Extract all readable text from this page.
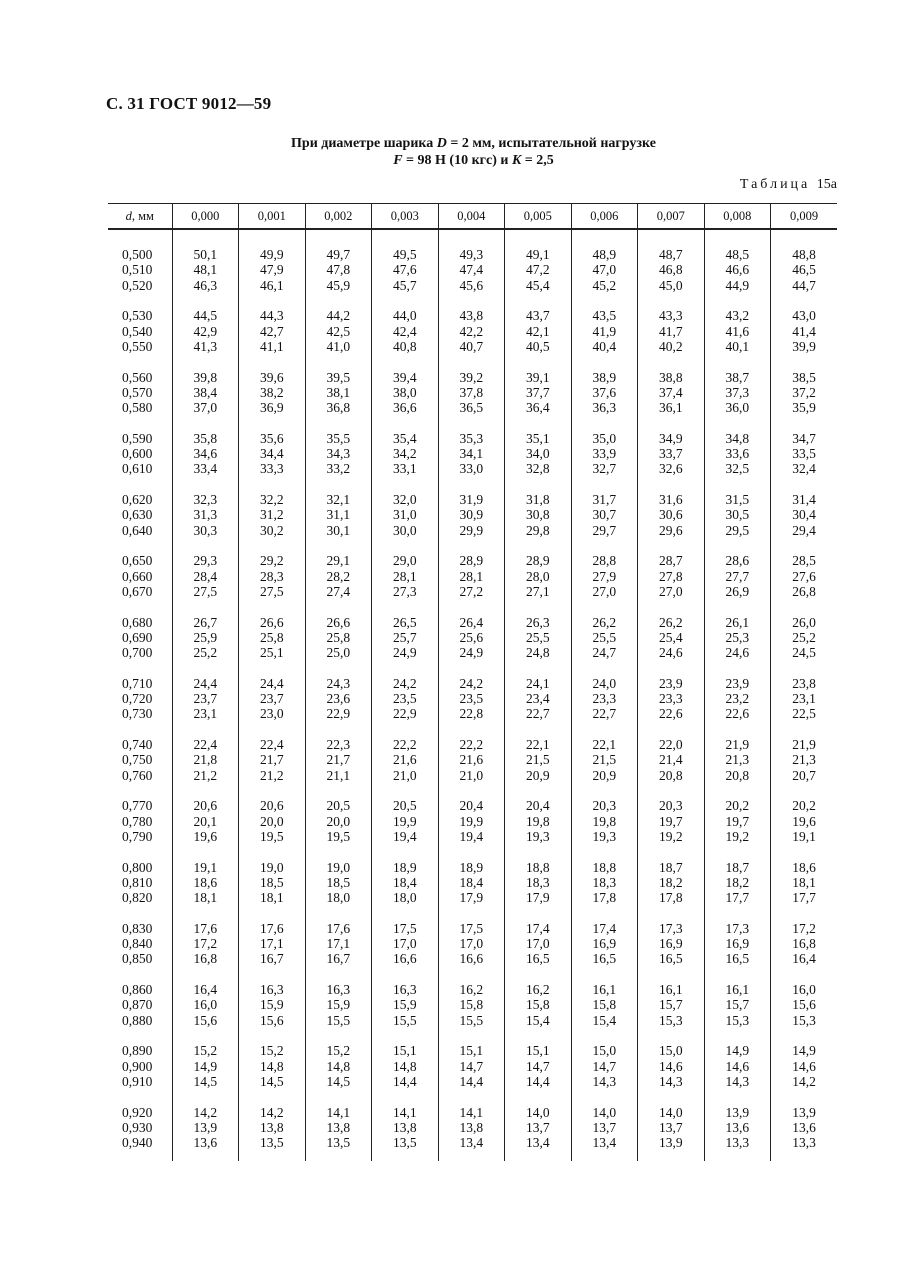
С. 31 ГОСТ 9012—59
При диаметре шарика D = 2 мм, испытательной нагрузке
F = 98 Н (10 кгс) и K = 2,5
Таблица 15а
d, мм	0,000	0,001	0,002	0,003	0,004	0,005	0,006	0,007	0,008	0,009

0,500	50,1	49,9	49,7	49,5	49,3	49,1	48,9	48,7	48,5	48,8
0,510	48,1	47,9	47,8	47,6	47,4	47,2	47,0	46,8	46,6	46,5
0,520	46,3	46,1	45,9	45,7	45,6	45,4	45,2	45,0	44,9	44,7

0,530	44,5	44,3	44,2	44,0	43,8	43,7	43,5	43,3	43,2	43,0
0,540	42,9	42,7	42,5	42,4	42,2	42,1	41,9	41,7	41,6	41,4
0,550	41,3	41,1	41,0	40,8	40,7	40,5	40,4	40,2	40,1	39,9

0,560	39,8	39,6	39,5	39,4	39,2	39,1	38,9	38,8	38,7	38,5
0,570	38,4	38,2	38,1	38,0	37,8	37,7	37,6	37,4	37,3	37,2
0,580	37,0	36,9	36,8	36,6	36,5	36,4	36,3	36,1	36,0	35,9

0,590	35,8	35,6	35,5	35,4	35,3	35,1	35,0	34,9	34,8	34,7
0,600	34,6	34,4	34,3	34,2	34,1	34,0	33,9	33,7	33,6	33,5
0,610	33,4	33,3	33,2	33,1	33,0	32,8	32,7	32,6	32,5	32,4

0,620	32,3	32,2	32,1	32,0	31,9	31,8	31,7	31,6	31,5	31,4
0,630	31,3	31,2	31,1	31,0	30,9	30,8	30,7	30,6	30,5	30,4
0,640	30,3	30,2	30,1	30,0	29,9	29,8	29,7	29,6	29,5	29,4

0,650	29,3	29,2	29,1	29,0	28,9	28,9	28,8	28,7	28,6	28,5
0,660	28,4	28,3	28,2	28,1	28,1	28,0	27,9	27,8	27,7	27,6
0,670	27,5	27,5	27,4	27,3	27,2	27,1	27,0	27,0	26,9	26,8

0,680	26,7	26,6	26,6	26,5	26,4	26,3	26,2	26,2	26,1	26,0
0,690	25,9	25,8	25,8	25,7	25,6	25,5	25,5	25,4	25,3	25,2
0,700	25,2	25,1	25,0	24,9	24,9	24,8	24,7	24,6	24,6	24,5

0,710	24,4	24,4	24,3	24,2	24,2	24,1	24,0	23,9	23,9	23,8
0,720	23,7	23,7	23,6	23,5	23,5	23,4	23,3	23,3	23,2	23,1
0,730	23,1	23,0	22,9	22,9	22,8	22,7	22,7	22,6	22,6	22,5

0,740	22,4	22,4	22,3	22,2	22,2	22,1	22,1	22,0	21,9	21,9
0,750	21,8	21,7	21,7	21,6	21,6	21,5	21,5	21,4	21,3	21,3
0,760	21,2	21,2	21,1	21,0	21,0	20,9	20,9	20,8	20,8	20,7

0,770	20,6	20,6	20,5	20,5	20,4	20,4	20,3	20,3	20,2	20,2
0,780	20,1	20,0	20,0	19,9	19,9	19,8	19,8	19,7	19,7	19,6
0,790	19,6	19,5	19,5	19,4	19,4	19,3	19,3	19,2	19,2	19,1

0,800	19,1	19,0	19,0	18,9	18,9	18,8	18,8	18,7	18,7	18,6
0,810	18,6	18,5	18,5	18,4	18,4	18,3	18,3	18,2	18,2	18,1
0,820	18,1	18,1	18,0	18,0	17,9	17,9	17,8	17,8	17,7	17,7

0,830	17,6	17,6	17,6	17,5	17,5	17,4	17,4	17,3	17,3	17,2
0,840	17,2	17,1	17,1	17,0	17,0	17,0	16,9	16,9	16,9	16,8
0,850	16,8	16,7	16,7	16,6	16,6	16,5	16,5	16,5	16,5	16,4

0,860	16,4	16,3	16,3	16,3	16,2	16,2	16,1	16,1	16,1	16,0
0,870	16,0	15,9	15,9	15,9	15,8	15,8	15,8	15,7	15,7	15,6
0,880	15,6	15,6	15,5	15,5	15,5	15,4	15,4	15,3	15,3	15,3

0,890	15,2	15,2	15,2	15,1	15,1	15,1	15,0	15,0	14,9	14,9
0,900	14,9	14,8	14,8	14,8	14,7	14,7	14,7	14,6	14,6	14,6
0,910	14,5	14,5	14,5	14,4	14,4	14,4	14,3	14,3	14,3	14,2

0,920	14,2	14,2	14,1	14,1	14,1	14,0	14,0	14,0	13,9	13,9
0,930	13,9	13,8	13,8	13,8	13,8	13,7	13,7	13,7	13,6	13,6
0,940	13,6	13,5	13,5	13,5	13,4	13,4	13,4	13,9	13,3	13,3
